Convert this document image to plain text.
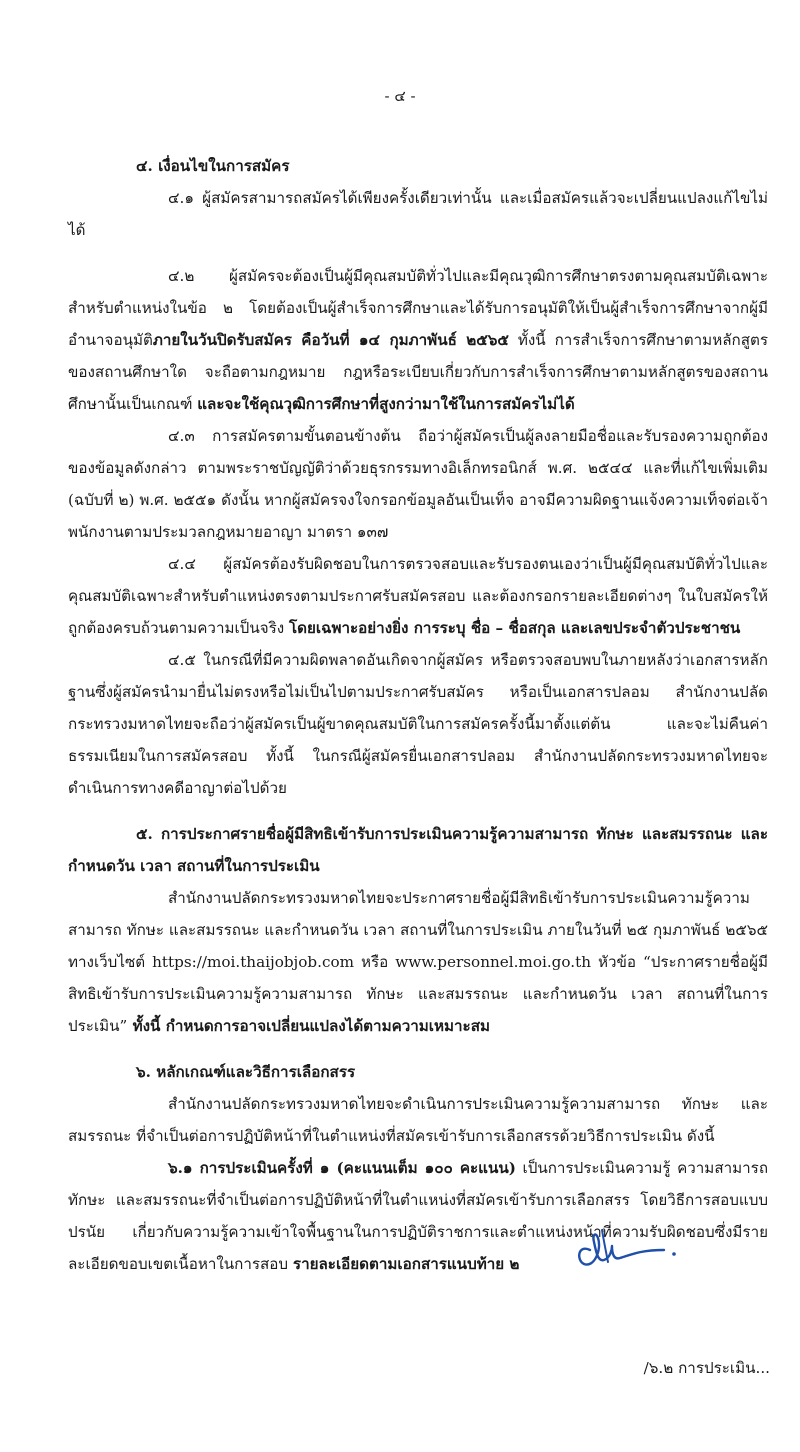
- ๔ -

๔. เงื่อนไขในการสมัคร

๔.๑ ผู้สมัครสามารถสมัครได้เพียงครั้งเดียวเท่านั้น และเมื่อสมัครแล้วจะเปลี่ยนแปลงแก้ไขไม่ได้

๔.๒ ผู้สมัครจะต้องเป็นผู้มีคุณสมบัติทั่วไปและมีคุณวุฒิการศึกษาตรงตามคุณสมบัติเฉพาะสำหรับตำแหน่งในข้อ ๒ โดยต้องเป็นผู้สำเร็จการศึกษาและได้รับการอนุมัติให้เป็นผู้สำเร็จการศึกษาจากผู้มีอำนาจอนุมัติภายในวันปิดรับสมัคร คือวันที่ ๑๔ กุมภาพันธ์ ๒๕๖๕ ทั้งนี้ การสำเร็จการศึกษาตามหลักสูตรของสถานศึกษาใด จะถือตามกฎหมาย กฎหรือระเบียบเกี่ยวกับการสำเร็จการศึกษาตามหลักสูตรของสถานศึกษานั้นเป็นเกณฑ์ และจะใช้คุณวุฒิการศึกษาที่สูงกว่ามาใช้ในการสมัครไม่ได้

๔.๓ การสมัครตามขั้นตอนข้างต้น ถือว่าผู้สมัครเป็นผู้ลงลายมือชื่อและรับรองความถูกต้องของข้อมูลดังกล่าว ตามพระราชบัญญัติว่าด้วยธุรกรรมทางอิเล็กทรอนิกส์ พ.ศ. ๒๕๔๔ และที่แก้ไขเพิ่มเติม (ฉบับที่ ๒) พ.ศ. ๒๕๕๑ ดังนั้น หากผู้สมัครจงใจกรอกข้อมูลอันเป็นเท็จ อาจมีความผิดฐานแจ้งความเท็จต่อเจ้าพนักงานตามประมวลกฎหมายอาญา มาตรา ๑๓๗

๔.๔ ผู้สมัครต้องรับผิดชอบในการตรวจสอบและรับรองตนเองว่าเป็นผู้มีคุณสมบัติทั่วไปและคุณสมบัติเฉพาะสำหรับตำแหน่งตรงตามประกาศรับสมัครสอบ และต้องกรอกรายละเอียดต่างๆ ในใบสมัครให้ถูกต้องครบถ้วนตามความเป็นจริง โดยเฉพาะอย่างยิ่ง การระบุ ชื่อ – ชื่อสกุล และเลขประจำตัวประชาชน

๔.๕ ในกรณีที่มีความผิดพลาดอันเกิดจากผู้สมัคร หรือตรวจสอบพบในภายหลังว่าเอกสารหลักฐานซึ่งผู้สมัครนำมายื่นไม่ตรงหรือไม่เป็นไปตามประกาศรับสมัคร หรือเป็นเอกสารปลอม สำนักงานปลัดกระทรวงมหาดไทยจะถือว่าผู้สมัครเป็นผู้ขาดคุณสมบัติในการสมัครครั้งนี้มาตั้งแต่ต้น และจะไม่คืนค่าธรรมเนียมในการสมัครสอบ ทั้งนี้ ในกรณีผู้สมัครยื่นเอกสารปลอม สำนักงานปลัดกระทรวงมหาดไทยจะดำเนินการทางคดีอาญาต่อไปด้วย

๕. การประกาศรายชื่อผู้มีสิทธิเข้ารับการประเมินความรู้ความสามารถ ทักษะ และสมรรถนะ และกำหนดวัน เวลา สถานที่ในการประเมิน

สำนักงานปลัดกระทรวงมหาดไทยจะประกาศรายชื่อผู้มีสิทธิเข้ารับการประเมินความรู้ความสามารถ ทักษะ และสมรรถนะ และกำหนดวัน เวลา สถานที่ในการประเมิน ภายในวันที่ ๒๕ กุมภาพันธ์ ๒๕๖๕ ทางเว็บไซต์ https://moi.thaijobjob.com หรือ www.personnel.moi.go.th หัวข้อ “ประกาศรายชื่อผู้มีสิทธิเข้ารับการประเมินความรู้ความสามารถ ทักษะ และสมรรถนะ และกำหนดวัน เวลา สถานที่ในการประเมิน” ทั้งนี้ กำหนดการอาจเปลี่ยนแปลงได้ตามความเหมาะสม

๖. หลักเกณฑ์และวิธีการเลือกสรร

สำนักงานปลัดกระทรวงมหาดไทยจะดำเนินการประเมินความรู้ความสามารถ ทักษะ และสมรรถนะ ที่จำเป็นต่อการปฏิบัติหน้าที่ในตำแหน่งที่สมัครเข้ารับการเลือกสรรด้วยวิธีการประเมิน ดังนี้

๖.๑ การประเมินครั้งที่ ๑ (คะแนนเต็ม ๑๐๐ คะแนน) เป็นการประเมินความรู้ ความสามารถ ทักษะ และสมรรถนะที่จำเป็นต่อการปฏิบัติหน้าที่ในตำแหน่งที่สมัครเข้ารับการเลือกสรร โดยวิธีการสอบแบบปรนัย เกี่ยวกับความรู้ความเข้าใจพื้นฐานในการปฏิบัติราชการและตำแหน่งหน้าที่ความรับผิดชอบซึ่งมีรายละเอียดขอบเขตเนื้อหาในการสอบ รายละเอียดตามเอกสารแนบท้าย ๒

/๖.๒ การประเมิน...
